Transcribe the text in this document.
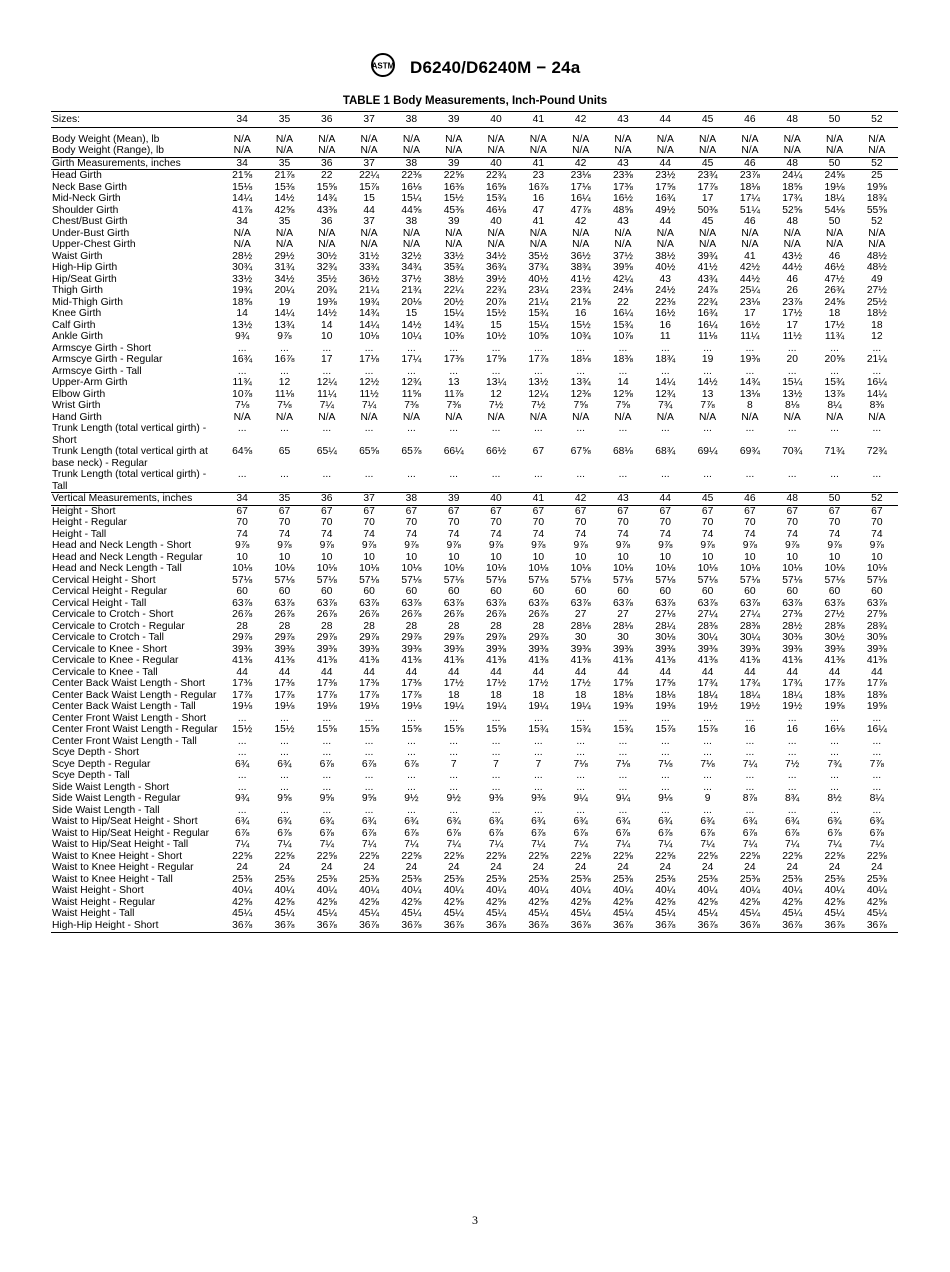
ASTM D6240/D6240M − 24a
TABLE 1 Body Measurements, Inch-Pound Units
Sizes:	34	35	36	37	38	39	40	41	42	43	44	45	46	48	50	52
Body Weight (Mean), lb	N/A	N/A	N/A	N/A	N/A	N/A	N/A	N/A	N/A	N/A	N/A	N/A	N/A	N/A	N/A	N/A
Body Weight (Range), lb	N/A	N/A	N/A	N/A	N/A	N/A	N/A	N/A	N/A	N/A	N/A	N/A	N/A	N/A	N/A	N/A
Girth Measurements, inches	34	35	36	37	38	39	40	41	42	43	44	45	46	48	50	52
Head Girth	21⅝	21⅞	22	22¼	22⅜	22⅝	22¾	23	23⅛	23⅜	23½	23¾	23⅞	24¼	24⅝	25
Neck Base Girth	15⅛	15⅜	15⅝	15⅞	16⅛	16⅜	16⅝	16⅞	17⅛	17⅜	17⅝	17⅞	18⅛	18⅝	19⅛	19⅝
Mid-Neck Girth	14¼	14½	14¾	15	15¼	15½	15¾	16	16¼	16½	16¾	17	17¼	17¾	18¼	18¾
Shoulder Girth	41⅞	42⅝	43⅜	44	44⅝	45⅜	46⅛	47	47⅞	48⅝	49½	50⅜	51¼	52⅝	54⅛	55⅝
Chest/Bust Girth	34	35	36	37	38	39	40	41	42	43	44	45	46	48	50	52
Under-Bust Girth	N/A	N/A	N/A	N/A	N/A	N/A	N/A	N/A	N/A	N/A	N/A	N/A	N/A	N/A	N/A	N/A
Upper-Chest Girth	N/A	N/A	N/A	N/A	N/A	N/A	N/A	N/A	N/A	N/A	N/A	N/A	N/A	N/A	N/A	N/A
Waist Girth	28½	29½	30½	31½	32½	33½	34½	35½	36½	37½	38½	39¾	41	43½	46	48½
High-Hip Girth	30¾	31¾	32¾	33¾	34¾	35¾	36¾	37¾	38¾	39⅝	40½	41½	42½	44½	46½	48½
Hip/Seat Girth	33½	34½	35½	36½	37½	38½	39½	40½	41½	42¼	43	43¾	44½	46	47½	49
Thigh Girth	19¾	20¼	20¾	21¼	21¾	22¼	22¾	23¼	23¾	24⅛	24½	24⅞	25¼	26	26¾	27½
Mid-Thigh Girth	18⅝	19	19⅜	19¾	20⅛	20½	20⅞	21¼	21⅝	22	22⅜	22¾	23⅛	23⅞	24⅝	25½
Knee Girth	14	14¼	14½	14¾	15	15¼	15½	15¾	16	16¼	16½	16¾	17	17½	18	18½
Calf Girth	13½	13¾	14	14¼	14½	14¾	15	15¼	15½	15¾	16	16¼	16½	17	17½	18
Ankle Girth	9¾	9⅞	10	10⅛	10¼	10⅜	10½	10⅝	10¾	10⅞	11	11⅛	11¼	11½	11¾	12
Armscye Girth - Short	...	...	...	...	...	...	...	...	...	...	...	...	...	...	...	...
Armscye Girth - Regular	16¾	16⅞	17	17⅛	17¼	17⅜	17⅝	17⅞	18⅛	18⅜	18¾	19	19⅜	20	20⅝	21¼
Armscye Girth - Tall	...	...	...	...	...	...	...	...	...	...	...	...	...	...	...	...
Upper-Arm Girth	11¾	12	12¼	12½	12¾	13	13¼	13½	13¾	14	14¼	14½	14¾	15¼	15¾	16¼
Elbow Girth	10⅞	11⅛	11¼	11½	11⅝	11⅞	12	12¼	12⅜	12⅝	12¾	13	13⅛	13½	13⅞	14¼
Wrist Girth	7⅛	7⅛	7¼	7¼	7⅜	7⅜	7½	7½	7⅝	7⅝	7¾	7⅞	8	8⅛	8¼	8⅜
Hand Girth	N/A	N/A	N/A	N/A	N/A	N/A	N/A	N/A	N/A	N/A	N/A	N/A	N/A	N/A	N/A	N/A
Trunk Length (total vertical girth) - Short	...	...	...	...	...	...	...	...	...	...	...	...	...	...	...	...
Trunk Length (total vertical girth at base neck) - Regular	64⅝	65	65¼	65⅝	65⅞	66¼	66½	67	67⅝	68⅛	68¾	69¼	69¾	70¾	71¾	72¾
Trunk Length (total vertical girth) - Tall	...	...	...	...	...	...	...	...	...	...	...	...	...	...	...	...
Vertical Measurements, inches	34	35	36	37	38	39	40	41	42	43	44	45	46	48	50	52
Height - Short	67	67	67	67	67	67	67	67	67	67	67	67	67	67	67	67
Height - Regular	70	70	70	70	70	70	70	70	70	70	70	70	70	70	70	70
Height - Tall	74	74	74	74	74	74	74	74	74	74	74	74	74	74	74	74
Head and Neck Length - Short	9⅞	9⅞	9⅞	9⅞	9⅞	9⅞	9⅞	9⅞	9⅞	9⅞	9⅞	9⅞	9⅞	9⅞	9⅞	9⅞
Head and Neck Length - Regular	10	10	10	10	10	10	10	10	10	10	10	10	10	10	10	10
Head and Neck Length - Tall	10⅛	10⅛	10⅛	10⅛	10⅛	10⅛	10⅛	10⅛	10⅛	10⅛	10⅛	10⅛	10⅛	10⅛	10⅛	10⅛
Cervical Height - Short	57⅛	57⅛	57⅛	57⅛	57⅛	57⅛	57⅛	57⅛	57⅛	57⅛	57⅛	57⅛	57⅛	57⅛	57⅛	57⅛
Cervical Height - Regular	60	60	60	60	60	60	60	60	60	60	60	60	60	60	60	60
Cervical Height - Tall	63⅞	63⅞	63⅞	63⅞	63⅞	63⅞	63⅞	63⅞	63⅞	63⅞	63⅞	63⅞	63⅞	63⅞	63⅞	63⅞
Cervicale to Crotch - Short	26⅞	26⅞	26⅞	26⅞	26⅞	26⅞	26⅞	26⅞	27	27	27⅛	27¼	27¼	27⅜	27½	27⅝
Cervicale to Crotch - Regular	28	28	28	28	28	28	28	28	28⅛	28⅛	28¼	28⅜	28⅜	28½	28⅝	28¾
Cervicale to Crotch - Tall	29⅞	29⅞	29⅞	29⅞	29⅞	29⅞	29⅞	29⅞	30	30	30⅛	30¼	30¼	30⅜	30½	30⅝
Cervicale to Knee - Short	39⅜	39⅜	39⅜	39⅜	39⅜	39⅜	39⅜	39⅜	39⅜	39⅜	39⅜	39⅜	39⅜	39⅜	39⅜	39⅜
Cervicale to Knee - Regular	41⅜	41⅜	41⅜	41⅜	41⅜	41⅜	41⅜	41⅜	41⅜	41⅜	41⅜	41⅜	41⅜	41⅜	41⅜	41⅜
Cervicale to Knee - Tall	44	44	44	44	44	44	44	44	44	44	44	44	44	44	44	44
Center Back Waist Length - Short	17⅜	17⅜	17⅜	17⅜	17⅜	17½	17½	17½	17½	17⅝	17⅝	17¾	17¾	17¾	17⅞	17⅞
Center Back Waist Length - Regular	17⅞	17⅞	17⅞	17⅞	17⅞	18	18	18	18	18⅛	18⅛	18¼	18¼	18¼	18⅜	18⅜
Center Back Waist Length - Tall	19⅛	19⅛	19⅛	19⅛	19⅛	19¼	19¼	19¼	19¼	19⅜	19⅜	19½	19½	19½	19⅝	19⅝
Center Front Waist Length - Short	...	...	...	...	...	...	...	...	...	...	...	...	...	...	...	...
Center Front Waist Length - Regular	15½	15½	15⅝	15⅝	15⅝	15⅝	15⅝	15¾	15¾	15¾	15⅞	15⅞	16	16	16⅛	16¼
Center Front Waist Length - Tall	...	...	...	...	...	...	...	...	...	...	...	...	...	...	...	...
Scye Depth - Short	...	...	...	...	...	...	...	...	...	...	...	...	...	...	...	...
Scye Depth - Regular	6¾	6¾	6⅞	6⅞	6⅞	7	7	7	7⅛	7⅛	7⅛	7⅛	7¼	7½	7¾	7⅞
Scye Depth - Tall	...	...	...	...	...	...	...	...	...	...	...	...	...	...	...	...
Side Waist Length - Short	...	...	...	...	...	...	...	...	...	...	...	...	...	...	...	...
Side Waist Length - Regular	9¾	9⅝	9⅝	9⅝	9½	9½	9⅜	9⅜	9¼	9¼	9⅛	9	8⅞	8¾	8½	8¼
Side Waist Length - Tall	...	...	...	...	...	...	...	...	...	...	...	...	...	...	...	...
Waist to Hip/Seat Height - Short	6¾	6¾	6¾	6¾	6¾	6¾	6¾	6¾	6¾	6¾	6¾	6¾	6¾	6¾	6¾	6¾
Waist to Hip/Seat Height - Regular	6⅞	6⅞	6⅞	6⅞	6⅞	6⅞	6⅞	6⅞	6⅞	6⅞	6⅞	6⅞	6⅞	6⅞	6⅞	6⅞
Waist to Hip/Seat Height - Tall	7¼	7¼	7¼	7¼	7¼	7¼	7¼	7¼	7¼	7¼	7¼	7¼	7¼	7¼	7¼	7¼
Waist to Knee Height - Short	22⅝	22⅝	22⅝	22⅝	22⅝	22⅝	22⅝	22⅝	22⅝	22⅝	22⅝	22⅝	22⅝	22⅝	22⅝	22⅝
Waist to Knee Height - Regular	24	24	24	24	24	24	24	24	24	24	24	24	24	24	24	24
Waist to Knee Height - Tall	25⅜	25⅜	25⅜	25⅜	25⅜	25⅜	25⅜	25⅜	25⅜	25⅜	25⅜	25⅜	25⅜	25⅜	25⅜	25⅜
Waist Height - Short	40¼	40¼	40¼	40¼	40¼	40¼	40¼	40¼	40¼	40¼	40¼	40¼	40¼	40¼	40¼	40¼
Waist Height - Regular	42⅝	42⅝	42⅝	42⅝	42⅝	42⅝	42⅝	42⅝	42⅝	42⅝	42⅝	42⅝	42⅝	42⅝	42⅝	42⅝
Waist Height - Tall	45¼	45¼	45¼	45¼	45¼	45¼	45¼	45¼	45¼	45¼	45¼	45¼	45¼	45¼	45¼	45¼
High-Hip Height - Short	36⅞	36⅞	36⅞	36⅞	36⅞	36⅞	36⅞	36⅞	36⅞	36⅞	36⅞	36⅞	36⅞	36⅞	36⅞	36⅞
3
